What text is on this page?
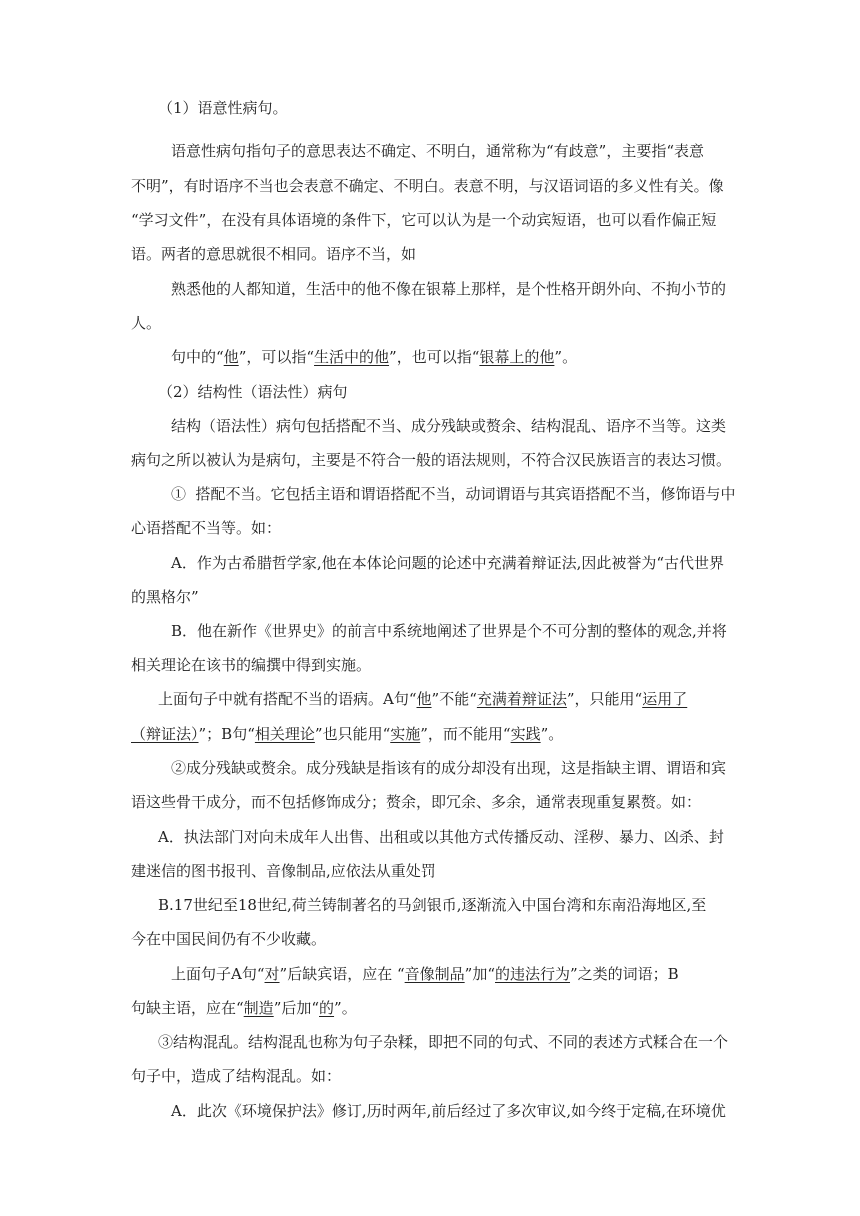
（1）语意性病句。
语意性病句指句子的意思表达不确定、不明白，通常称为“有歧意”，主要指“表意
不明”，有时语序不当也会表意不确定、不明白。表意不明，与汉语词语的多义性有关。像
“学习文件”，在没有具体语境的条件下，它可以认为是一个动宾短语，也可以看作偏正短
语。两者的意思就很不相同。语序不当，如
熟悉他的人都知道，生活中的他不像在银幕上那样，是个性格开朗外向、不拘小节的
人。
句中的“他”，可以指“生活中的他”，也可以指“银幕上的他”。
（2）结构性（语法性）病句
结构（语法性）病句包括搭配不当、成分残缺或赘余、结构混乱、语序不当等。这类
病句之所以被认为是病句，主要是不符合一般的语法规则，不符合汉民族语言的表达习惯。
①  搭配不当。它包括主语和谓语搭配不当，动词谓语与其宾语搭配不当，修饰语与中
心语搭配不当等。如：
A．作为古希腊哲学家,他在本体论问题的论述中充满着辩证法,因此被誉为“古代世界
的黑格尔”
B．他在新作《世界史》的前言中系统地阐述了世界是个不可分割的整体的观念,并将
相关理论在该书的编撰中得到实施。
上面句子中就有搭配不当的语病。A句“他”不能“充满着辩证法”，只能用“运用了
（辩证法）”；B句“相关理论”也只能用“实施”，而不能用“实践”。
②成分残缺或赘余。成分残缺是指该有的成分却没有出现，这是指缺主谓、谓语和宾
语这些骨干成分，而不包括修饰成分；赘余，即冗余、多余，通常表现重复累赘。如：
A．执法部门对向未成年人出售、出租或以其他方式传播反动、淫秽、暴力、凶杀、封
建迷信的图书报刊、音像制品,应依法从重处罚
B.17世纪至18世纪,荷兰铸制著名的马剑银币,逐渐流入中国台湾和东南沿海地区,至
今在中国民间仍有不少收藏。
上面句子A句“对”后缺宾语，应在 “音像制品”加“的违法行为”之类的词语；B
句缺主语，应在“制造”后加“的”。
③结构混乱。结构混乱也称为句子杂糅，即把不同的句式、不同的表述方式糅合在一个
句子中，造成了结构混乱。如：
A．此次《环境保护法》修订,历时两年,前后经过了多次审议,如今终于定稿,在环境优
